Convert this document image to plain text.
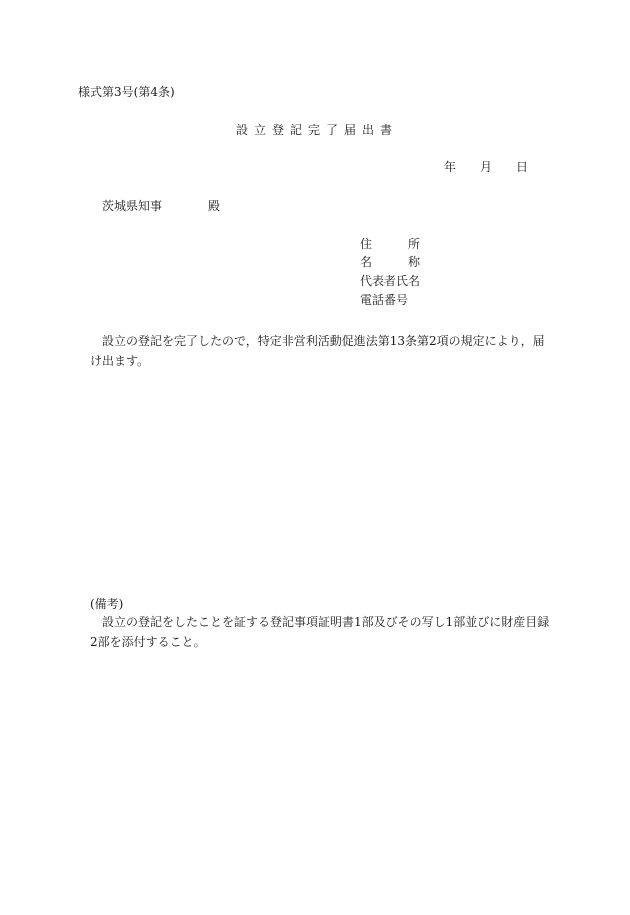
様式第3号(第4条)
設立登記完了届出書
年 月 日
茨城県知事	殿
住　　　所
名　　　称
代表者氏名
電話番号
設立の登記を完了したので，特定非営利活動促進法第13条第2項の規定により，届け出ます。
(備考)
設立の登記をしたことを証する登記事項証明書1部及びその写し1部並びに財産目録2部を添付すること。
